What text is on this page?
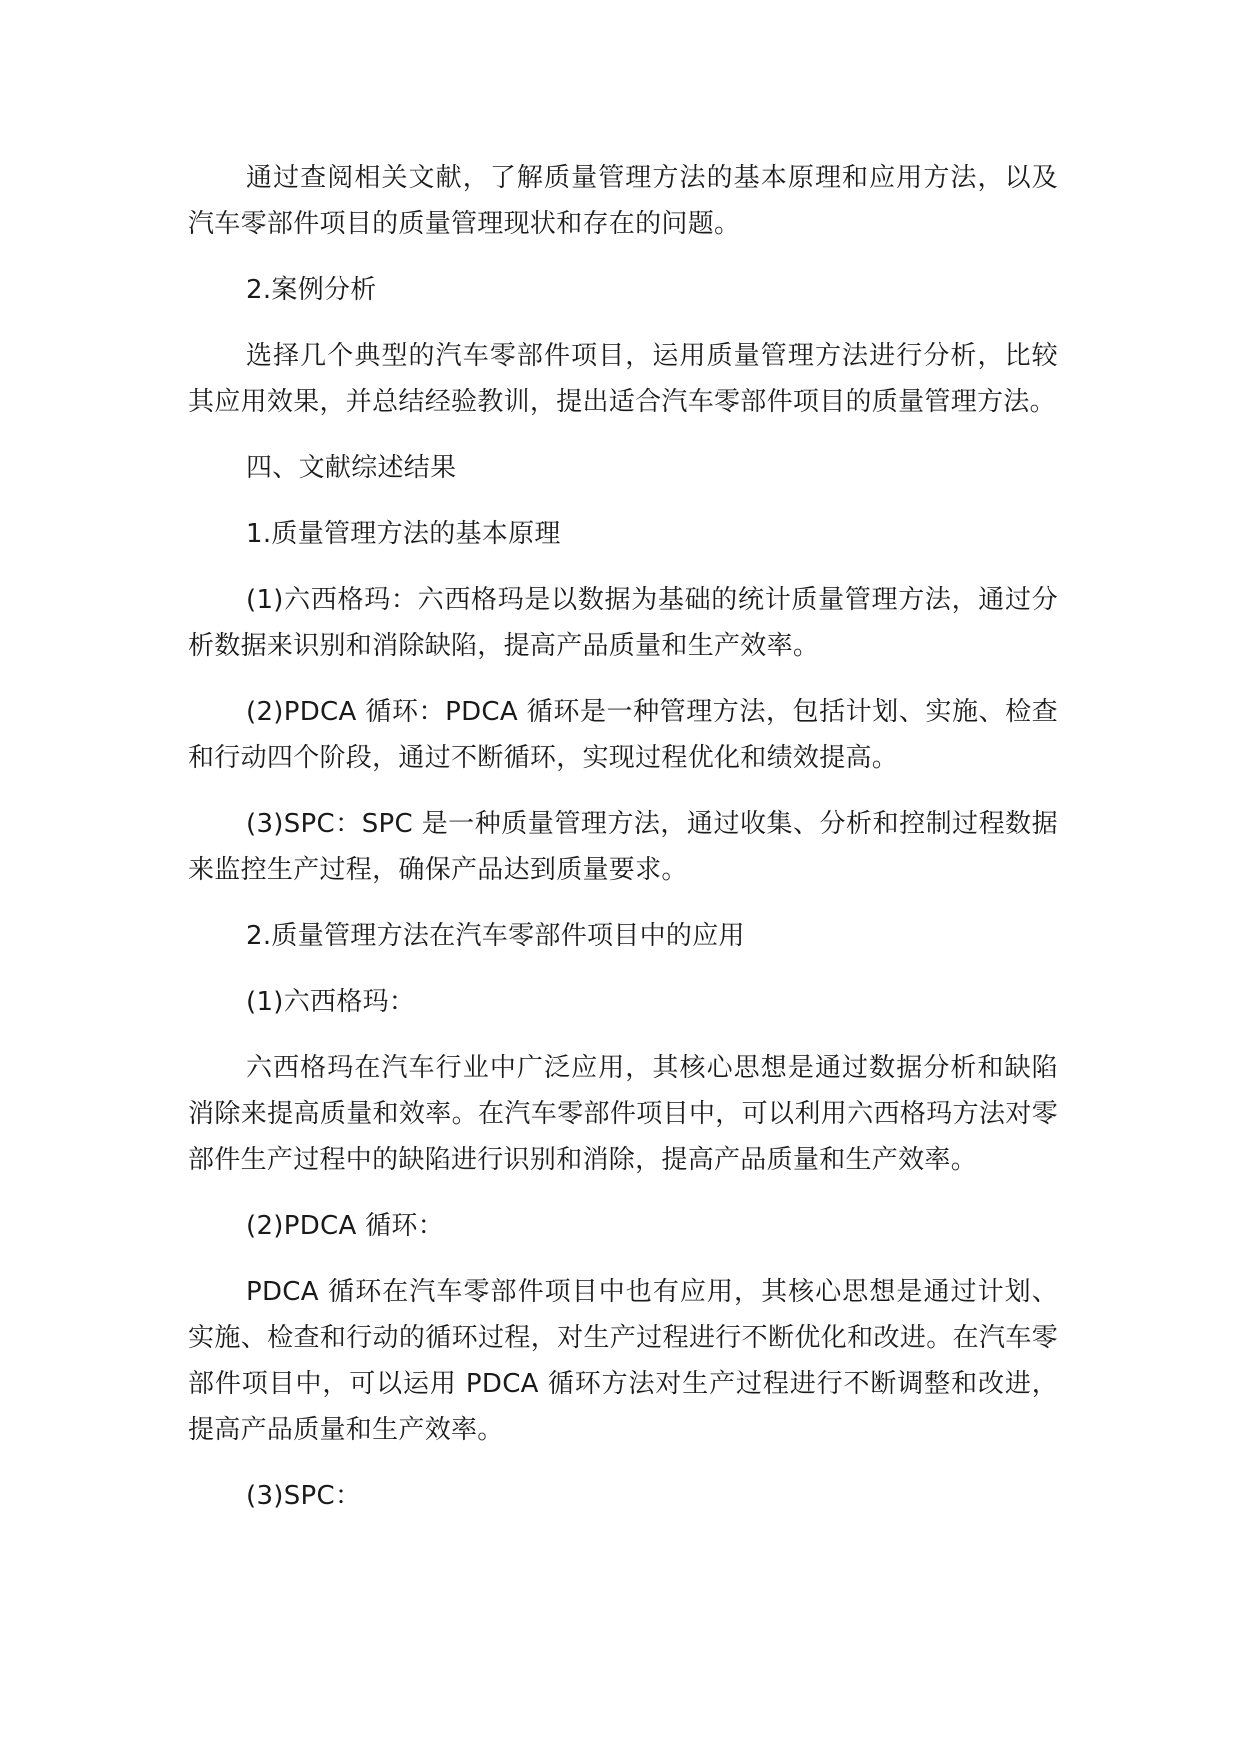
通过查阅相关文献，了解质量管理方法的基本原理和应用方法，以及汽车零部件项目的质量管理现状和存在的问题。

2.案例分析

选择几个典型的汽车零部件项目，运用质量管理方法进行分析，比较其应用效果，并总结经验教训，提出适合汽车零部件项目的质量管理方法。

四、文献综述结果

1.质量管理方法的基本原理

(1)六西格玛：六西格玛是以数据为基础的统计质量管理方法，通过分析数据来识别和消除缺陷，提高产品质量和生产效率。

(2)PDCA 循环：PDCA 循环是一种管理方法，包括计划、实施、检查和行动四个阶段，通过不断循环，实现过程优化和绩效提高。

(3)SPC：SPC 是一种质量管理方法，通过收集、分析和控制过程数据来监控生产过程，确保产品达到质量要求。

2.质量管理方法在汽车零部件项目中的应用

(1)六西格玛：

六西格玛在汽车行业中广泛应用，其核心思想是通过数据分析和缺陷消除来提高质量和效率。在汽车零部件项目中，可以利用六西格玛方法对零部件生产过程中的缺陷进行识别和消除，提高产品质量和生产效率。

(2)PDCA 循环：

PDCA 循环在汽车零部件项目中也有应用，其核心思想是通过计划、实施、检查和行动的循环过程，对生产过程进行不断优化和改进。在汽车零部件项目中，可以运用 PDCA 循环方法对生产过程进行不断调整和改进，提高产品质量和生产效率。

(3)SPC：
